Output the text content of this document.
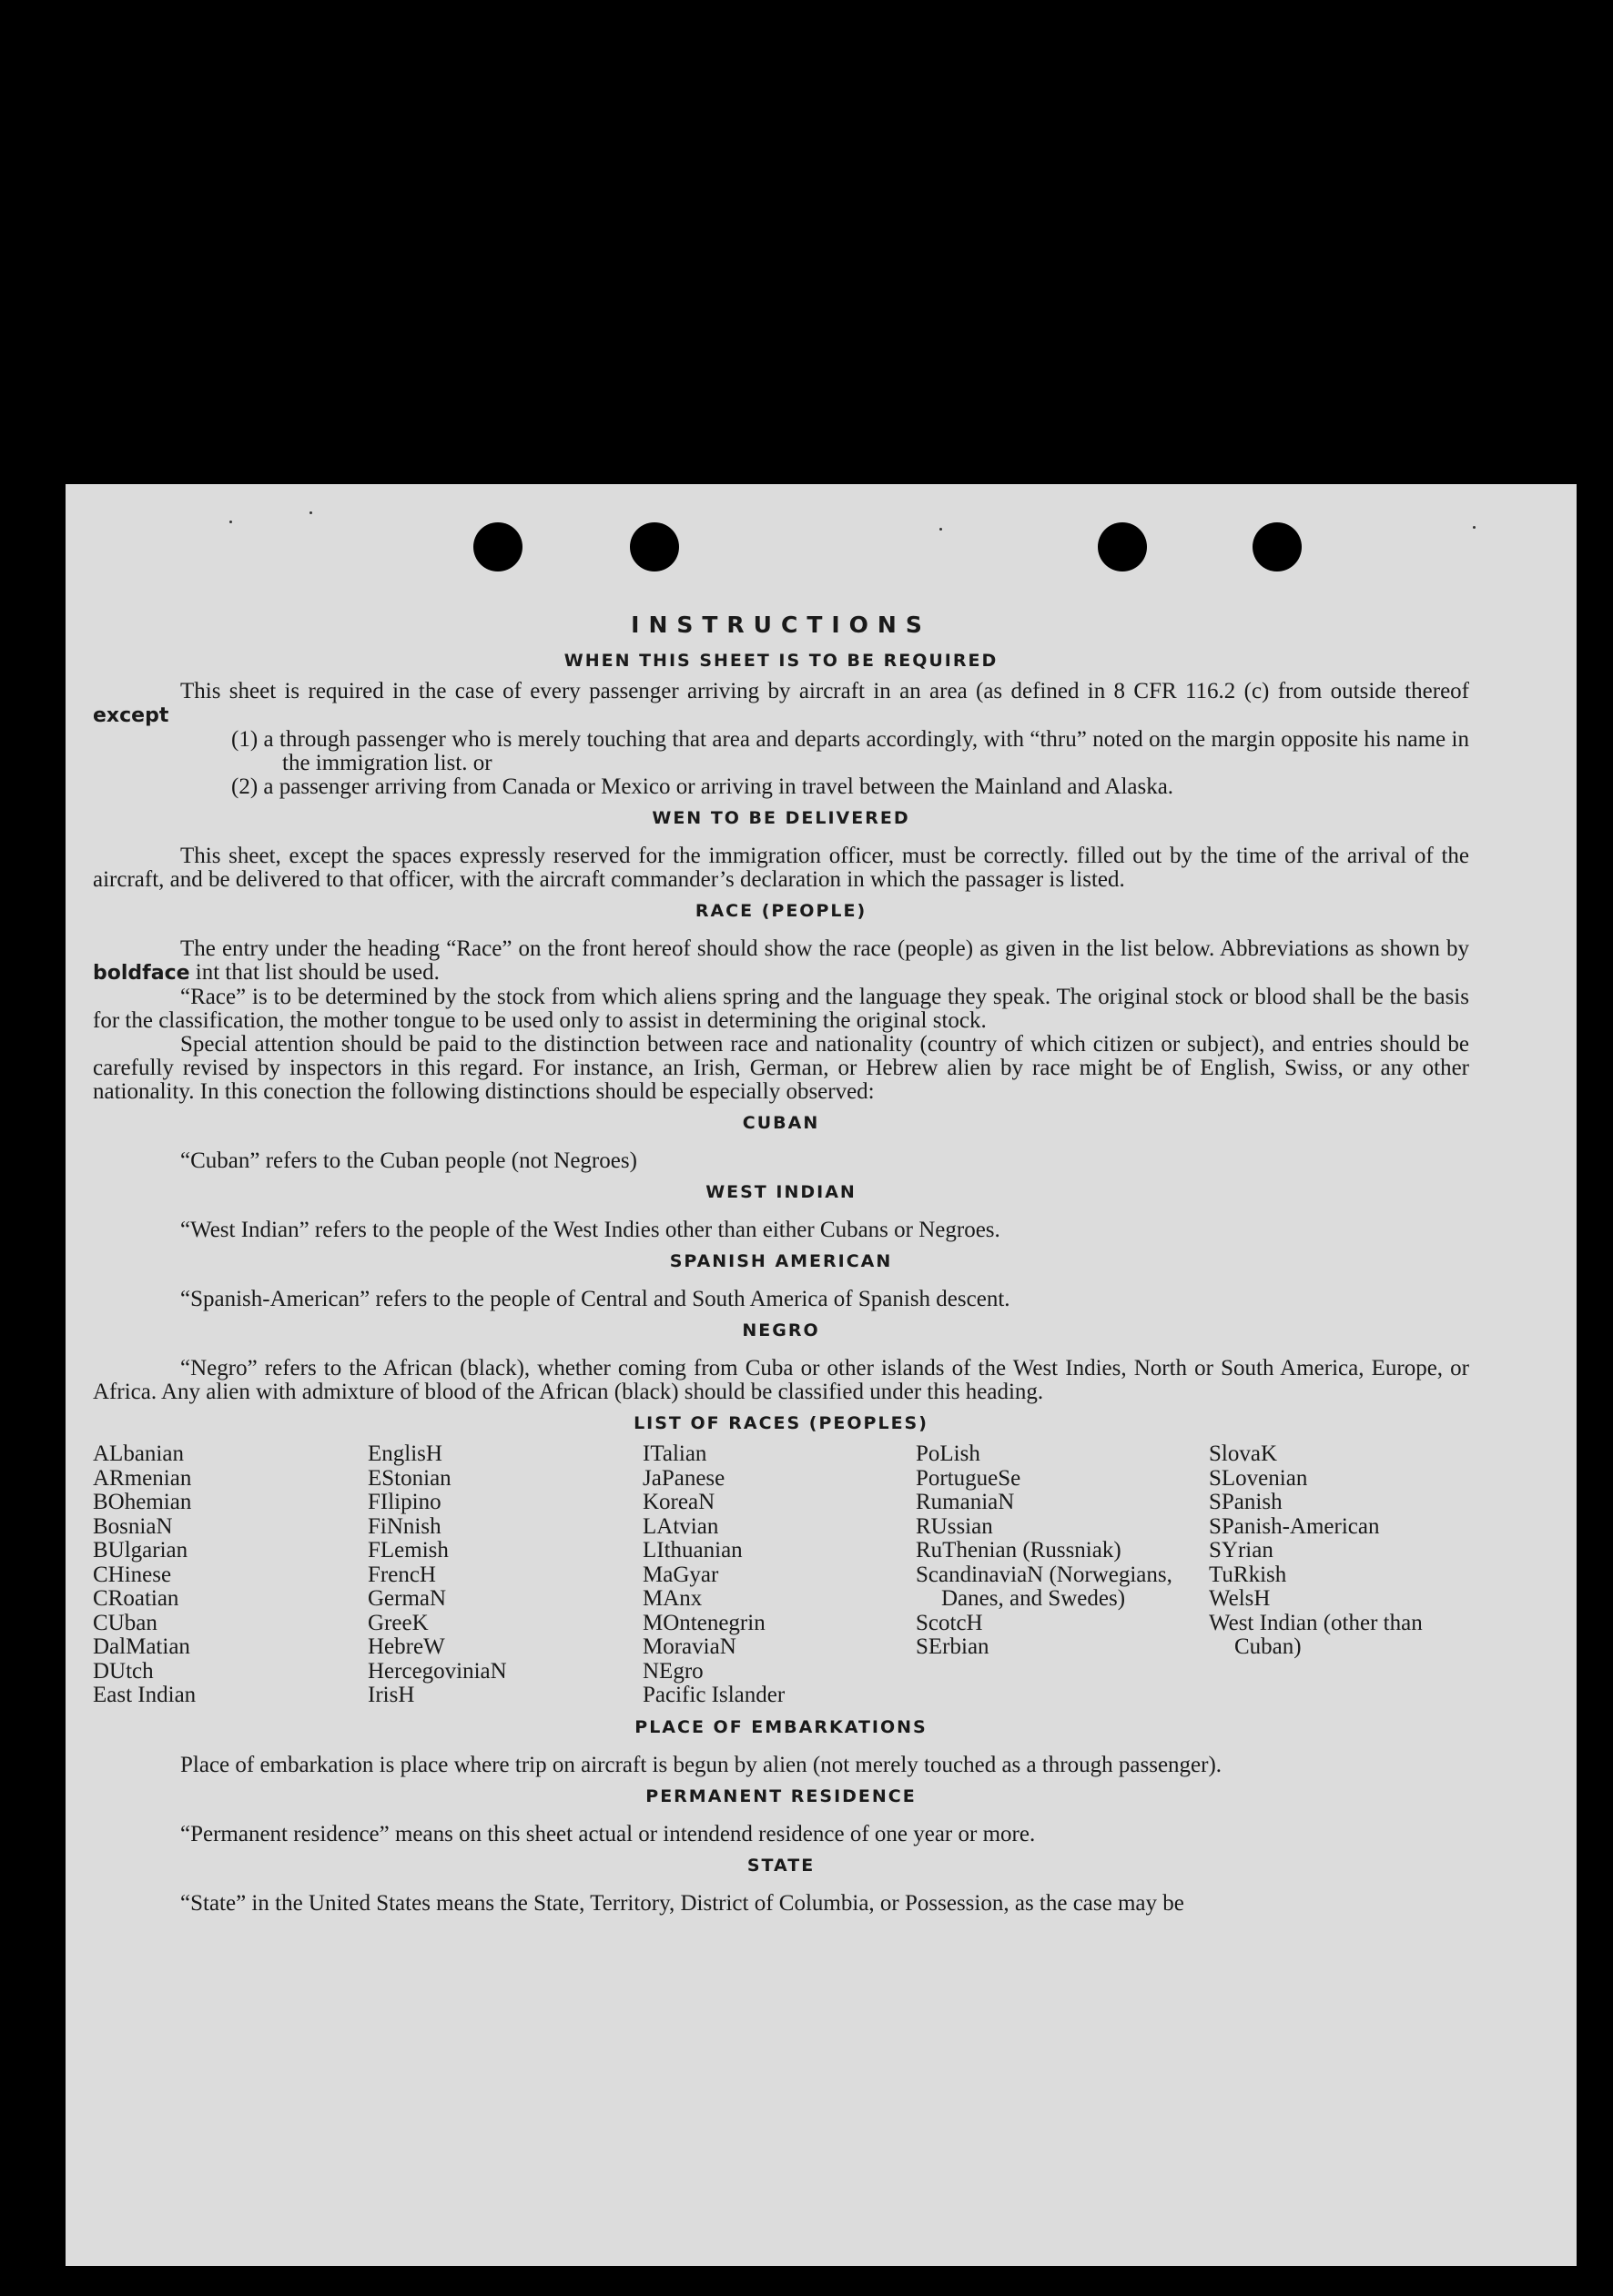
INSTRUCTIONS
WHEN THIS SHEET IS TO BE REQUIRED

This sheet is required in the case of every passenger arriving by aircraft in an area (as defined in 8 CFR 116.2 (c) from outside thereof except

(1) a through passenger who is merely touching that area and departs accordingly, with “thru” noted on the margin opposite his name in the immigration list. or
(2) a passenger arriving from Canada or Mexico or arriving in travel between the Mainland and Alaska.
WEN TO BE DELIVERED

This sheet, except the spaces expressly reserved for the immigration officer, must be correctly. filled out by the time of the arrival of the aircraft, and be delivered to that officer, with the aircraft commander’s declaration in which the passager is listed.

RACE (PEOPLE)

The entry under the heading “Race” on the front hereof should show the race (people) as given in the list below. Abbreviations as shown by boldface int that list should be used.

“Race” is to be determined by the stock from which aliens spring and the language they speak. The original stock or blood shall be the basis for the classification, the mother tongue to be used only to assist in determining the original stock.

Special attention should be paid to the distinction between race and nationality (country of which citizen or subject), and entries should be carefully revised by inspectors in this regard. For instance, an Irish, German, or Hebrew alien by race might be of English, Swiss, or any other nationality. In this conection the following distinctions should be especially observed:

CUBAN

“Cuban” refers to the Cuban people (not Negroes)

WEST INDIAN

“West Indian” refers to the people of the West Indies other than either Cubans or Negroes.

SPANISH AMERICAN

“Spanish-American” refers to the people of Central and South America of Spanish descent.

NEGRO

“Negro” refers to the African (black), whether coming from Cuba or other islands of the West Indies, North or South America, Europe, or Africa. Any alien with admixture of blood of the African (black) should be classified under this heading.

LIST OF RACES (PEOPLES)
ALbanian
ARmenian
BOhemian
BosniaN
BUlgarian
CHinese
CRoatian
CUban
DalMatian
DUtch
East Indian
EnglisH
EStonian
FIlipino
FiNnish
FLemish
FrencH
GermaN
GreeK
HebreW
HercegoviniaN
IrisH
ITalian
JaPanese
KoreaN
LAtvian
LIthuanian
MaGyar
MAnx
MOntenegrin
MoraviaN
NEgro
Pacific Islander
PoLish
PortugueSe
RumaniaN
RUssian
RuThenian (Russniak)
ScandinaviaN (Norwegians, Danes, and Swedes)
ScotcH
SErbian
SlovaK
SLovenian
SPanish
SPanish-American
SYrian
TuRkish
WelsH
West Indian (other than Cuban)
PLACE OF EMBARKATIONS

Place of embarkation is place where trip on aircraft is begun by alien (not merely touched as a through passenger).

PERMANENT RESIDENCE

“Permanent residence” means on this sheet actual or intendend residence of one year or more.

STATE

“State” in the United States means the State, Territory, District of Columbia, or Possession, as the case may be
